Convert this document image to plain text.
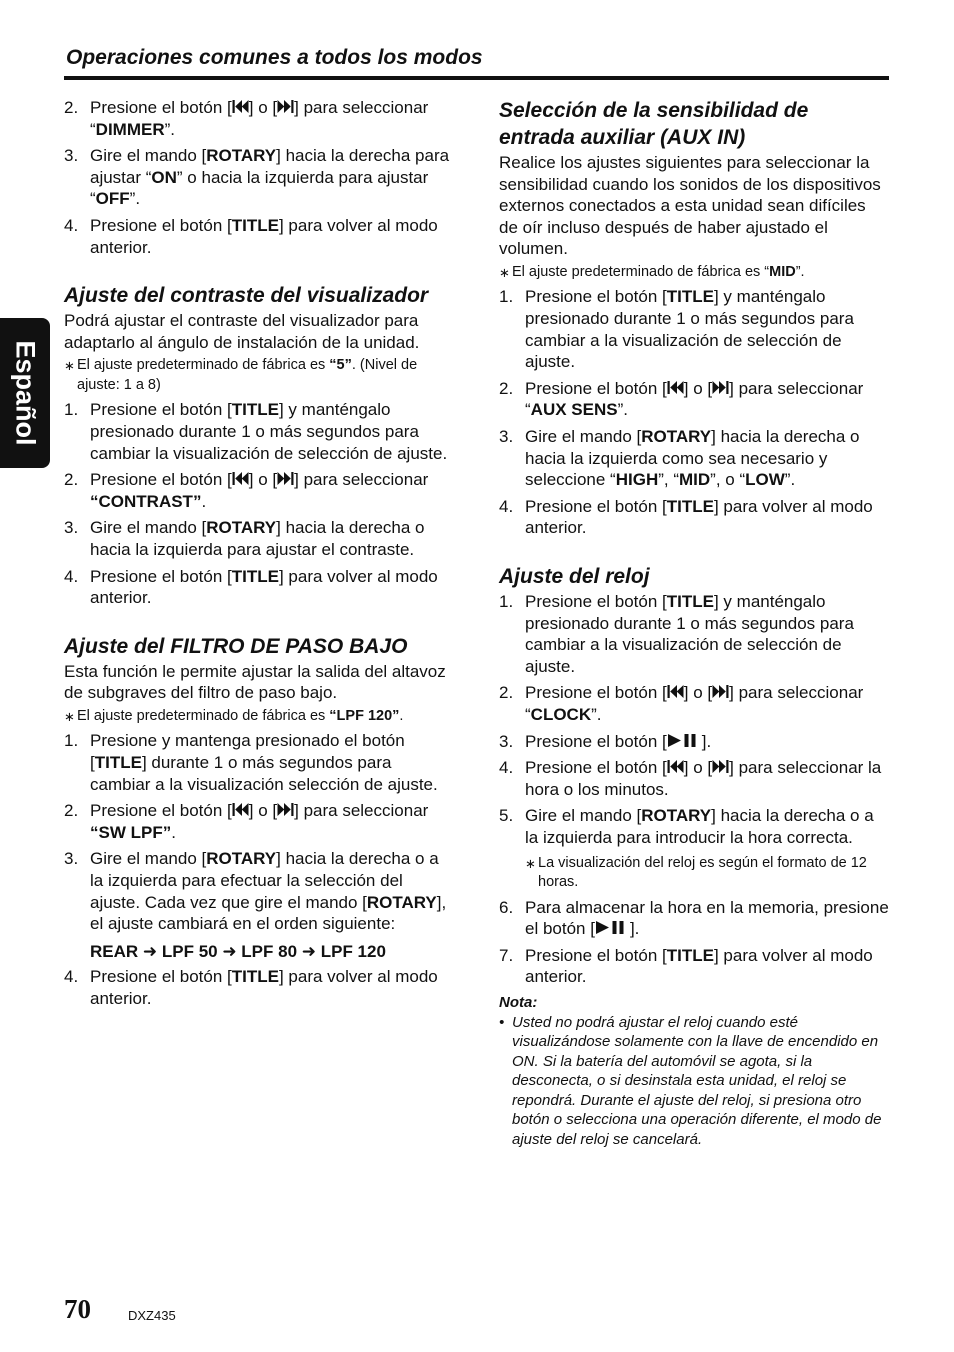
Operaciones comunes a todos los modos
Español
2. Presione el botón [ ] o [ ] para seleccionar “DIMMER”.
3. Gire el mando [ROTARY] hacia la derecha para ajustar “ON” o hacia la izquierda para ajustar “OFF”.
4. Presione el botón [TITLE] para volver al modo anterior.
Ajuste del contraste del visualizador
Podrá ajustar el contraste del visualizador para adaptarlo al ángulo de instalación de la unidad.
∗ El ajuste predeterminado de fábrica es “5”. (Nivel de ajuste: 1 a 8)
1. Presione el botón [TITLE] y manténgalo presionado durante 1 o más segundos para cambiar la visualización de selección de ajuste.
2. Presione el botón [ ] o [ ] para seleccionar “CONTRAST”.
3. Gire el mando [ROTARY] hacia la derecha o hacia la izquierda para ajustar el contraste.
4. Presione el botón [TITLE] para volver al modo anterior.
Ajuste del FILTRO DE PASO BAJO
Esta función le permite ajustar la salida del altavoz de subgraves del filtro de paso bajo.
∗ El ajuste predeterminado de fábrica es “LPF 120”.
1. Presione y mantenga presionado el botón [TITLE] durante 1 o más segundos para cambiar a la visualización selección de ajuste.
2. Presione el botón [ ] o [ ] para seleccionar “SW LPF”.
3. Gire el mando [ROTARY] hacia la derecha o a la izquierda para efectuar la selección del ajuste. Cada vez que gire el mando [ROTARY], el ajuste cambiará en el orden siguiente:
REAR ➜ LPF 50 ➜ LPF 80 ➜ LPF 120
4. Presione el botón [TITLE] para volver al modo anterior.
Selección de la sensibilidad de entrada auxiliar (AUX IN)
Realice los ajustes siguientes para seleccionar la sensibilidad cuando los sonidos de los dispositivos externos conectados a esta unidad sean difíciles de oír incluso después de haber ajustado el volumen.
∗ El ajuste predeterminado de fábrica es “MID”.
1. Presione el botón [TITLE] y manténgalo presionado durante 1 o más segundos para cambiar a la visualización de selección de ajuste.
2. Presione el botón [ ] o [ ] para seleccionar “AUX SENS”.
3. Gire el mando [ROTARY] hacia la derecha o hacia la izquierda como sea necesario y seleccione “HIGH”, “MID”, o “LOW”.
4. Presione el botón [TITLE] para volver al modo anterior.
Ajuste del reloj
1. Presione el botón [TITLE] y manténgalo presionado durante 1 o más segundos para cambiar a la visualización de selección de ajuste.
2. Presione el botón [ ] o [ ] para seleccionar “CLOCK”.
3. Presione el botón [ ].
4. Presione el botón [ ] o [ ] para seleccionar la hora o los minutos.
5. Gire el mando [ROTARY] hacia la derecha o a la izquierda para introducir la hora correcta.
∗ La visualización del reloj es según el formato de 12 horas.
6. Para almacenar la hora en la memoria, presione el botón [ ].
7. Presione el botón [TITLE] para volver al modo anterior.
Nota:
• Usted no podrá ajustar el reloj cuando esté visualizándose solamente con la llave de encendido en ON. Si la batería del automóvil se agota, si la desconecta, o si desinstala esta unidad, el reloj se repondrá. Durante el ajuste del reloj, si presiona otro botón o selecciona una operación diferente, el modo de ajuste del reloj se cancelará.
70	DXZ435
